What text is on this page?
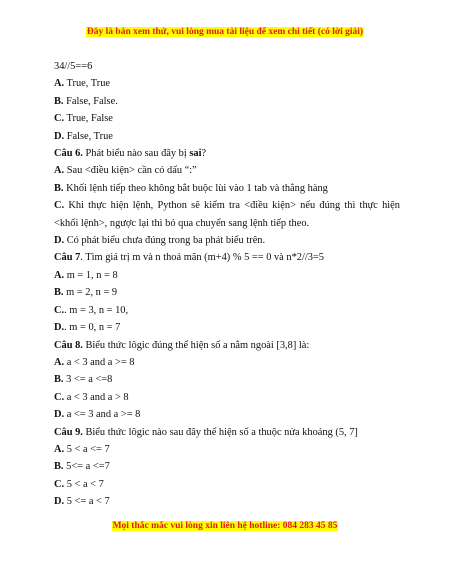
Đây là bản xem thử, vui lòng mua tài liệu để xem chi tiết (có lời giải)
34//5==6
A. True, True
B. False, False.
C. True, False
D. False, True
Câu 6. Phát biểu nào sau đây bị sai?
A. Sau <điều kiện> cần có dấu “:”
B. Khối lệnh tiếp theo không bắt buộc lùi vào 1 tab và thẳng hàng
C. Khi thực hiện lệnh, Python sẽ kiểm tra <điều kiện> nếu đúng thì thực hiện <khối lệnh>, ngược lại thì bỏ qua chuyển sang lệnh tiếp theo.
D. Có phát biểu chưa đúng trong ba phát biểu trên.
Câu 7. Tìm giá trị m và n thoả mãn (m+4) % 5 == 0 và n*2//3=5
A. m = 1, n = 8
B. m = 2, n = 9
C.. m = 3, n = 10,
D.. m = 0, n = 7
Câu 8. Biểu thức lôgic đúng thể hiện số a nằm ngoài [3,8] là:
A. a < 3 and a >= 8
B. 3 <= a <=8
C. a < 3 and a > 8
D. a <= 3 and a >= 8
Câu 9. Biểu thức lôgic nào sau đây thể hiện số a thuộc nửa khoảng (5, 7]
A. 5 < a <= 7
B. 5<= a <=7
C. 5 < a < 7
D. 5 <= a < 7
Mọi thắc mắc vui lòng xin liên hệ hotline: 084 283 45 85
